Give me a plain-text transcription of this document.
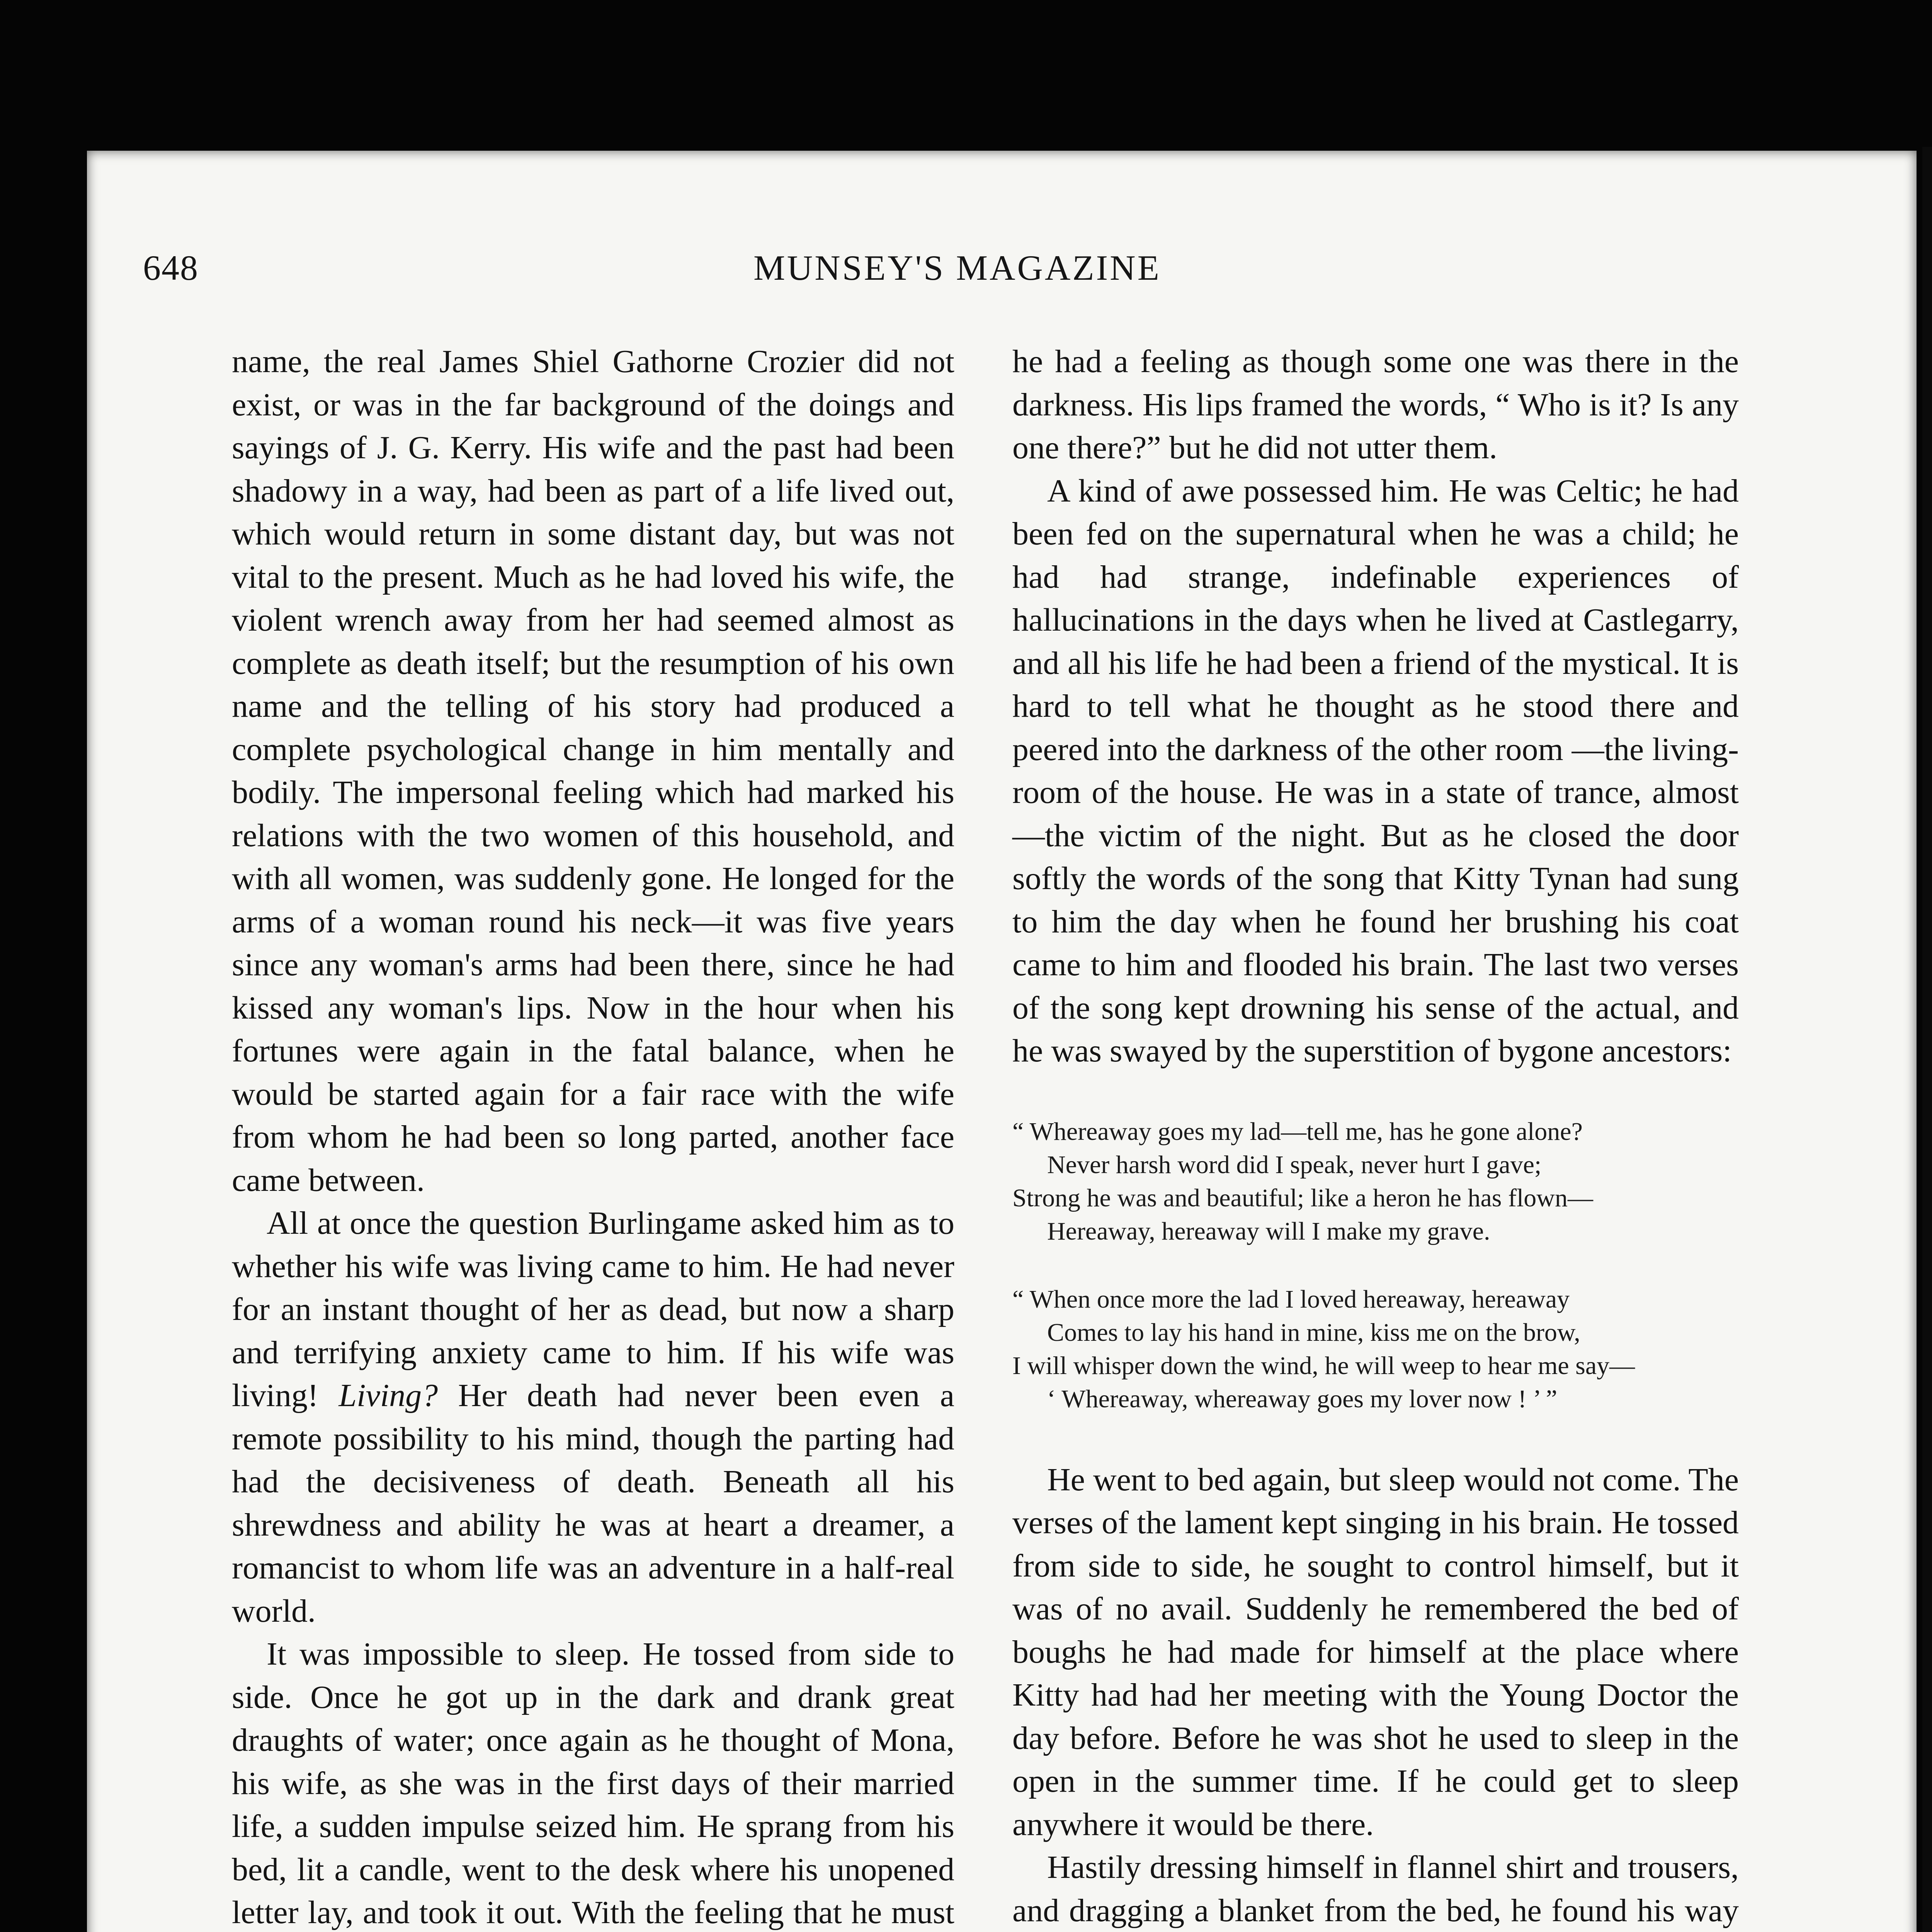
648	MUNSEY'S MAGAZINE

name, the real James Shiel Gathorne Crozier did not exist, or was in the far background of the doings and sayings of J. G. Kerry. His wife and the past had been shadowy in a way, had been as part of a life lived out, which would return in some distant day, but was not vital to the present. Much as he had loved his wife, the violent wrench away from her had seemed almost as complete as death itself; but the resumption of his own name and the telling of his story had produced a complete psychological change in him mentally and bodily. The impersonal feeling which had marked his relations with the two women of this household, and with all women, was suddenly gone. He longed for the arms of a woman round his neck—it was five years since any woman's arms had been there, since he had kissed any woman's lips. Now in the hour when his fortunes were again in the fatal balance, when he would be started again for a fair race with the wife from whom he had been so long parted, another face came between.

All at once the question Burlingame asked him as to whether his wife was living came to him. He had never for an instant thought of her as dead, but now a sharp and terrifying anxiety came to him. If his wife was living! Living? Her death had never been even a remote possibility to his mind, though the parting had had the decisiveness of death. Beneath all his shrewdness and ability he was at heart a dreamer, a romancist to whom life was an adventure in a half-real world.

It was impossible to sleep. He tossed from side to side. Once he got up in the dark and drank great draughts of water; once again as he thought of Mona, his wife, as she was in the first days of their married life, a sudden impulse seized him. He sprang from his bed, lit a candle, went to the desk where his unopened letter lay, and took it out. With the feeling that he must

he had a feeling as though some one was there in the darkness. His lips framed the words, “ Who is it? Is any one there?” but he did not utter them.

A kind of awe possessed him. He was Celtic; he had been fed on the supernatural when he was a child; he had had strange, indefinable experiences of hallucinations in the days when he lived at Castlegarry, and all his life he had been a friend of the mystical. It is hard to tell what he thought as he stood there and peered into the darkness of the other room —the living-room of the house. He was in a state of trance, almost—the victim of the night. But as he closed the door softly the words of the song that Kitty Tynan had sung to him the day when he found her brushing his coat came to him and flooded his brain. The last two verses of the song kept drowning his sense of the actual, and he was swayed by the superstition of bygone ancestors:

“ Whereaway goes my lad—tell me, has he gone alone?
Never harsh word did I speak, never hurt I gave;
Strong he was and beautiful; like a heron he has flown—
Hereaway, hereaway will I make my grave.
“ When once more the lad I loved hereaway, hereaway
Comes to lay his hand in mine, kiss me on the brow,
I will whisper down the wind, he will weep to hear me say—
‘ Whereaway, whereaway goes my lover now ! ’ ”

He went to bed again, but sleep would not come. The verses of the lament kept singing in his brain. He tossed from side to side, he sought to control himself, but it was of no avail. Suddenly he remembered the bed of boughs he had made for himself at the place where Kitty had had her meeting with the Young Doctor the day before. Before he was shot he used to sleep in the open in the summer time. If he could get to sleep anywhere it would be there.

Hastily dressing himself in flannel shirt and trousers, and dragging a blanket from the bed, he found his way
